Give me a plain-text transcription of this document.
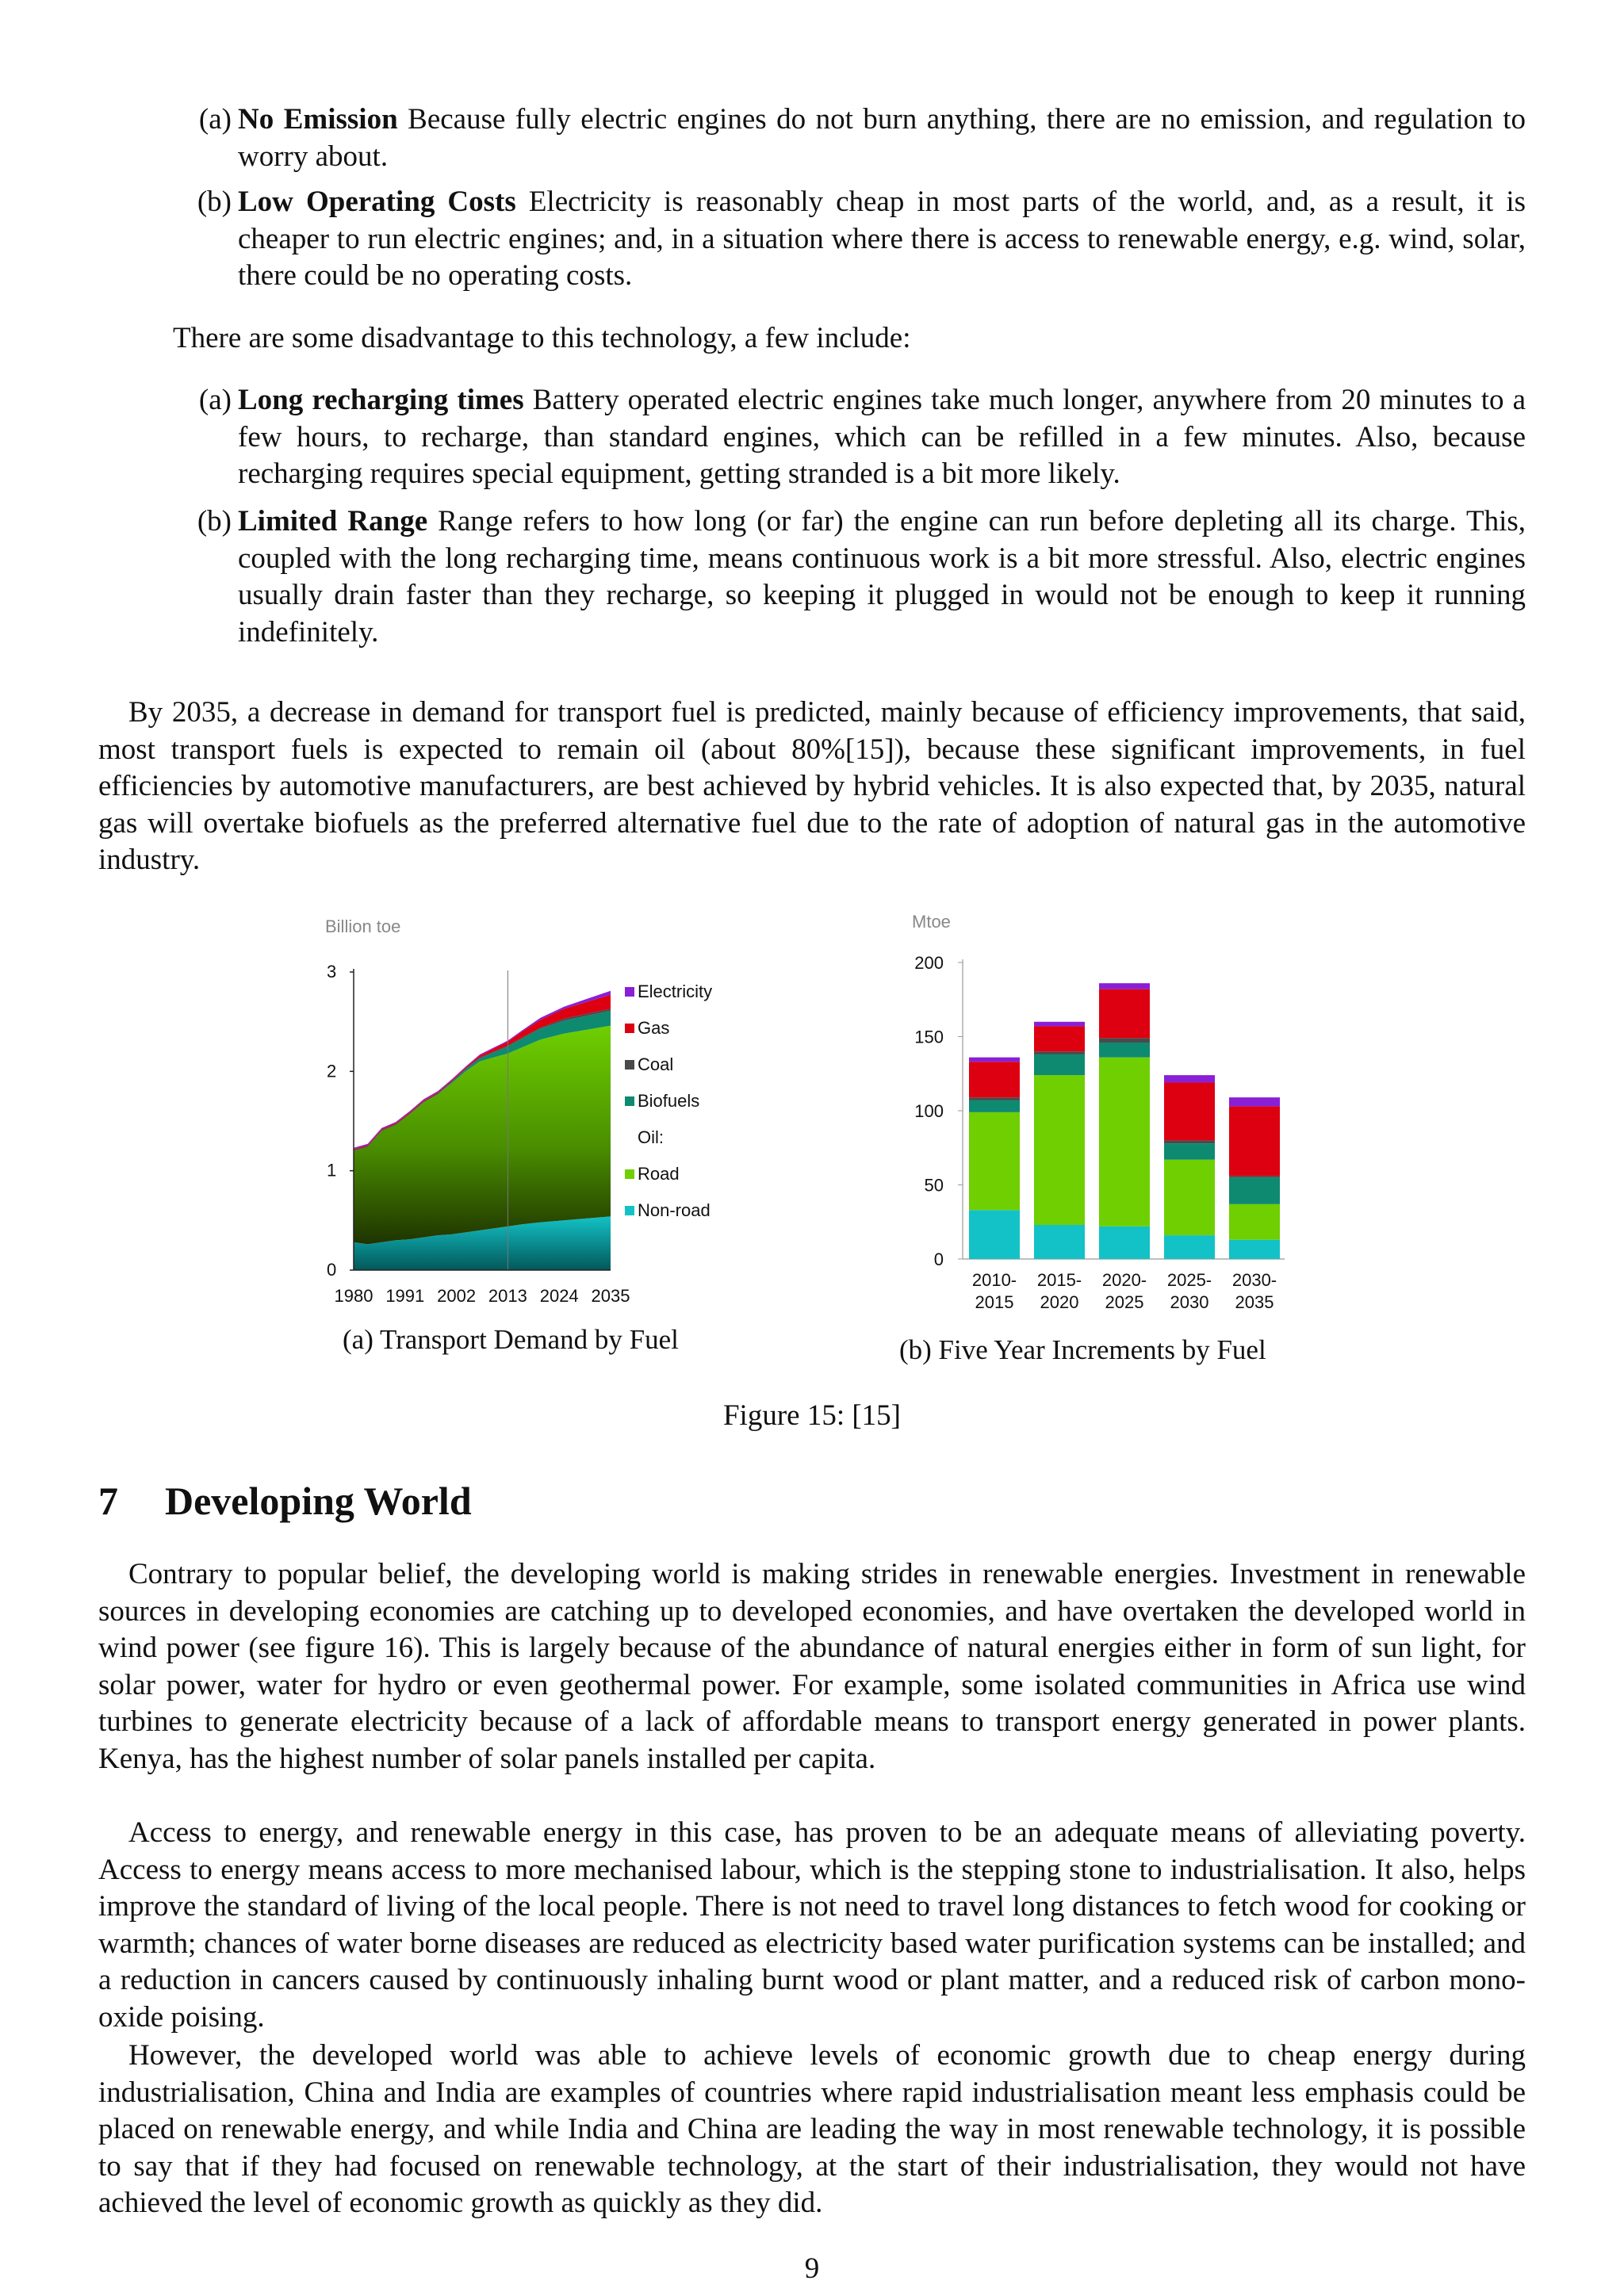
(a) No Emission Because fully electric engines do not burn anything, there are no emission, and regulation to worry about.

(b) Low Operating Costs Electricity is reasonably cheap in most parts of the world, and, as a result, it is cheaper to run electric engines; and, in a situation where there is access to renewable energy, e.g. wind, solar, there could be no operating costs.

There are some disadvantage to this technology, a few include:

(a) Long recharging times Battery operated electric engines take much longer, anywhere from 20 minutes to a few hours, to recharge, than standard engines, which can be refilled in a few minutes. Also, because recharging requires special equipment, getting stranded is a bit more likely.

(b) Limited Range Range refers to how long (or far) the engine can run before depleting all its charge. This, coupled with the long recharging time, means continuous work is a bit more stressful. Also, electric engines usually drain faster than they recharge, so keeping it plugged in would not be enough to keep it running indefinitely.

By 2035, a decrease in demand for transport fuel is predicted, mainly because of efficiency improvements, that said, most transport fuels is expected to remain oil (about 80%[15]), because these significant improvements, in fuel efficiencies by automotive manufacturers, are best achieved by hybrid vehicles. It is also expected that, by 2035, natural gas will overtake biofuels as the preferred alternative fuel due to the rate of adoption of natural gas in the automotive industry.

Billion toe
0
1
2
3
1980 1991 2002 2013 2024 2035
Electricity
Gas
Coal
Biofuels
Oil:
Road
Non-road

(a) Transport Demand by Fuel

Mtoe
0
50
100
150
200
2010-
2015
2015-
2020
2020-
2025
2025-
2030
2030-
2035

(b) Five Year Increments by Fuel

Figure 15: [15]

7 Developing World

Contrary to popular belief, the developing world is making strides in renewable energies. Investment in renewable sources in developing economies are catching up to developed economies, and have overtaken the developed world in wind power (see figure 16). This is largely because of the abundance of natural energies either in form of sun light, for solar power, water for hydro or even geothermal power. For example, some isolated communities in Africa use wind turbines to generate electricity because of a lack of affordable means to transport energy generated in power plants. Kenya, has the highest number of solar panels installed per capita.

Access to energy, and renewable energy in this case, has proven to be an adequate means of alleviating poverty. Access to energy means access to more mechanised labour, which is the stepping stone to industrialisation. It also, helps improve the standard of living of the local people. There is not need to travel long distances to fetch wood for cooking or warmth; chances of water borne diseases are reduced as electricity based water purification systems can be installed; and a reduction in cancers caused by continuously inhaling burnt wood or plant matter, and a reduced risk of carbon mono-oxide poising.

However, the developed world was able to achieve levels of economic growth due to cheap energy during industrialisation, China and India are examples of countries where rapid industrialisation meant less emphasis could be placed on renewable energy, and while India and China are leading the way in most renewable technology, it is possible to say that if they had focused on renewable technology, at the start of their industrialisation, they would not have achieved the level of economic growth as quickly as they did.

9
